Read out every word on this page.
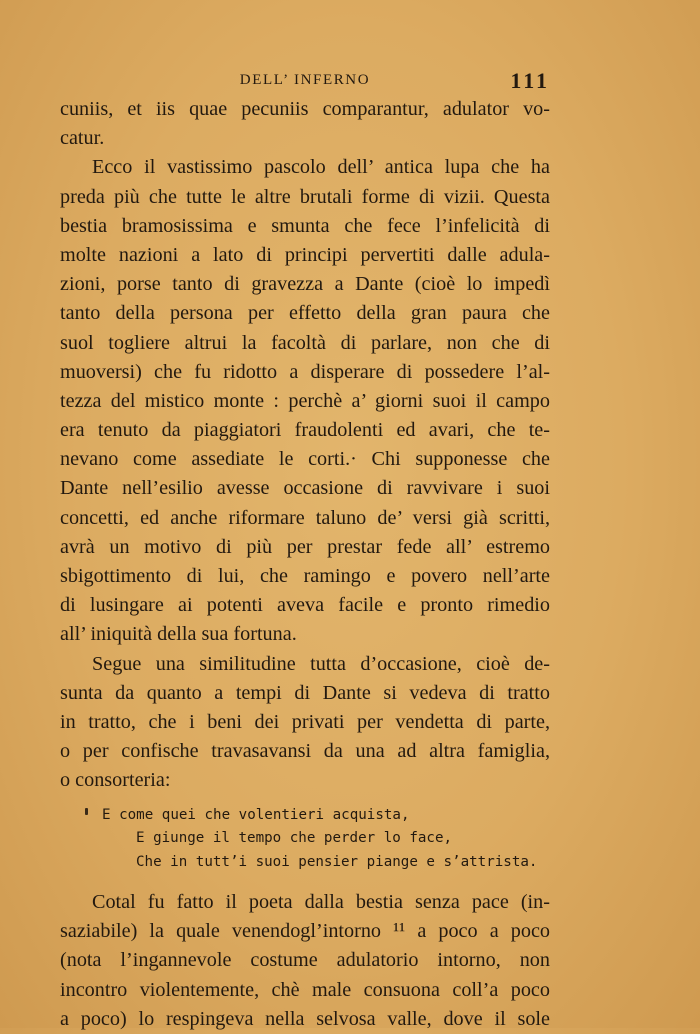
DELL’ INFERNO	111
cuniis, et iis quae pecuniis comparantur, adulator vo-
catur.
Ecco il vastissimo pascolo dell’ antica lupa che ha
preda più che tutte le altre brutali forme di vizii. Questa
bestia bramosissima e smunta che fece l’infelicità di
molte nazioni a lato di principi pervertiti dalle adula-
zioni, porse tanto di gravezza a Dante (cioè lo impedì
tanto della persona per effetto della gran paura che
suol togliere altrui la facoltà di parlare, non che di
muoversi) che fu ridotto a disperare di possedere l’al-
tezza del mistico monte : perchè a’ giorni suoi il campo
era tenuto da piaggiatori fraudolenti ed avari, che te-
nevano come assediate le corti.· Chi supponesse che
Dante nell’esilio avesse occasione di ravvivare i suoi
concetti, ed anche riformare taluno de’ versi già scritti,
avrà un motivo di più per prestar fede all’ estremo
sbigottimento di lui, che ramingo e povero nell’arte
di lusingare ai potenti aveva facile e pronto rimedio
all’ iniquità della sua fortuna.
Segue una similitudine tutta d’occasione, cioè de-
sunta da quanto a tempi di Dante si vedeva di tratto
in tratto, che i beni dei privati per vendetta di parte,
o per confische travasavansi da una ad altra famiglia,
o consorteria:
E come quei che volentieri acquista,
E giunge il tempo che perder lo face,
Che in tutt’i suoi pensier piange e s’attrista.
Cotal fu fatto il poeta dalla bestia senza pace (in-
saziabile) la quale venendogl’intorno ¹¹ a poco a poco
(nota l’ingannevole costume adulatorio intorno, non
incontro violentemente, chè male consuona coll’a poco
a poco) lo respingeva nella selvosa valle, dove il sole
